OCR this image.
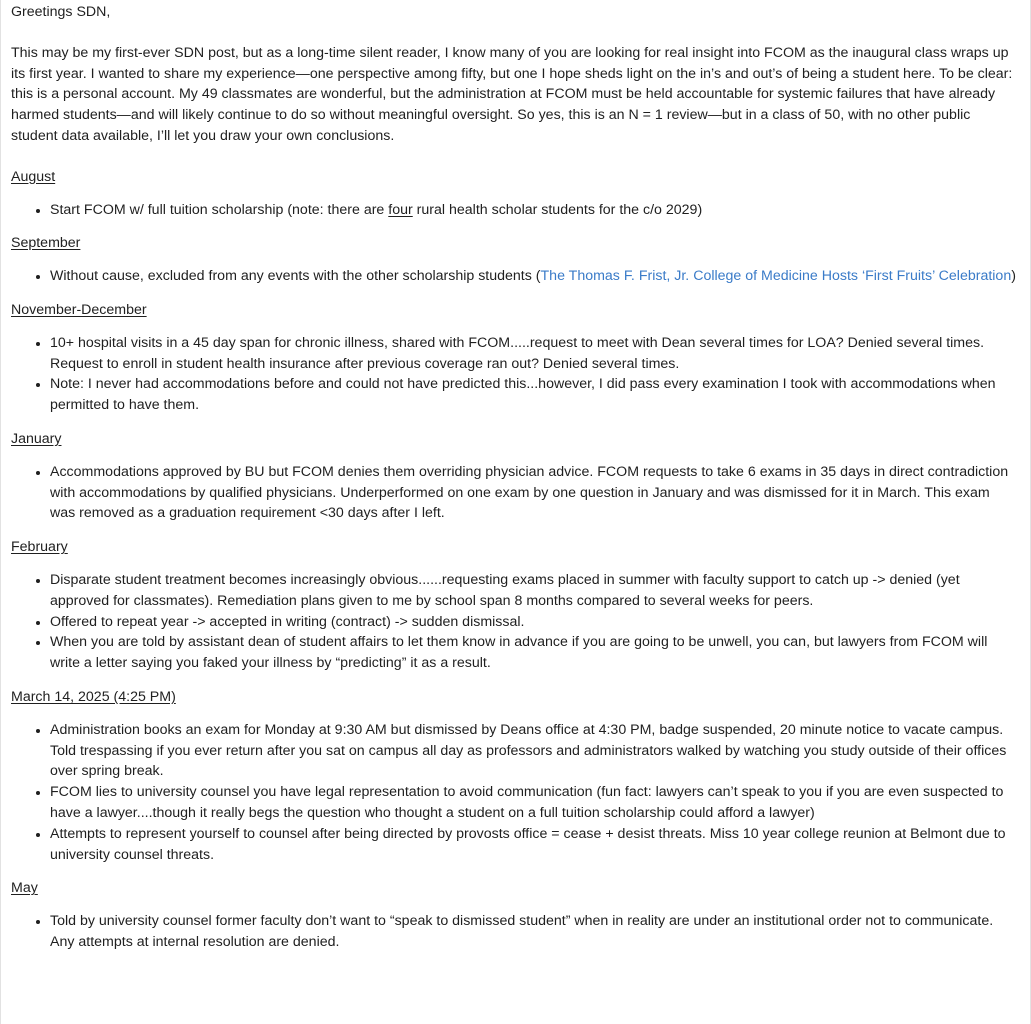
Greetings SDN,

This may be my first-ever SDN post, but as a long-time silent reader, I know many of you are looking for real insight into FCOM as the inaugural class wraps up its first year. I wanted to share my experience—one perspective among fifty, but one I hope sheds light on the in’s and out’s of being a student here. To be clear: this is a personal account. My 49 classmates are wonderful, but the administration at FCOM must be held accountable for systemic failures that have already harmed students—and will likely continue to do so without meaningful oversight. So yes, this is an N = 1 review—but in a class of 50, with no other public student data available, I’ll let you draw your own conclusions.

August

• Start FCOM w/ full tuition scholarship (note: there are four rural health scholar students for the c/o 2029)

September

• Without cause, excluded from any events with the other scholarship students (The Thomas F. Frist, Jr. College of Medicine Hosts ‘First Fruits’ Celebration)

November-December

• 10+ hospital visits in a 45 day span for chronic illness, shared with FCOM.....request to meet with Dean several times for LOA? Denied several times. Request to enroll in student health insurance after previous coverage ran out? Denied several times.
• Note: I never had accommodations before and could not have predicted this...however, I did pass every examination I took with accommodations when permitted to have them.

January

• Accommodations approved by BU but FCOM denies them overriding physician advice. FCOM requests to take 6 exams in 35 days in direct contradiction with accommodations by qualified physicians. Underperformed on one exam by one question in January and was dismissed for it in March. This exam was removed as a graduation requirement <30 days after I left.

February

• Disparate student treatment becomes increasingly obvious......requesting exams placed in summer with faculty support to catch up -> denied (yet approved for classmates). Remediation plans given to me by school span 8 months compared to several weeks for peers.
• Offered to repeat year -> accepted in writing (contract) -> sudden dismissal.
• When you are told by assistant dean of student affairs to let them know in advance if you are going to be unwell, you can, but lawyers from FCOM will write a letter saying you faked your illness by “predicting” it as a result.

March 14, 2025 (4:25 PM)

• Administration books an exam for Monday at 9:30 AM but dismissed by Deans office at 4:30 PM, badge suspended, 20 minute notice to vacate campus. Told trespassing if you ever return after you sat on campus all day as professors and administrators walked by watching you study outside of their offices over spring break.
• FCOM lies to university counsel you have legal representation to avoid communication (fun fact: lawyers can’t speak to you if you are even suspected to have a lawyer....though it really begs the question who thought a student on a full tuition scholarship could afford a lawyer)
• Attempts to represent yourself to counsel after being directed by provosts office = cease + desist threats. Miss 10 year college reunion at Belmont due to university counsel threats.

May

• Told by university counsel former faculty don’t want to “speak to dismissed student” when in reality are under an institutional order not to communicate. Any attempts at internal resolution are denied.
